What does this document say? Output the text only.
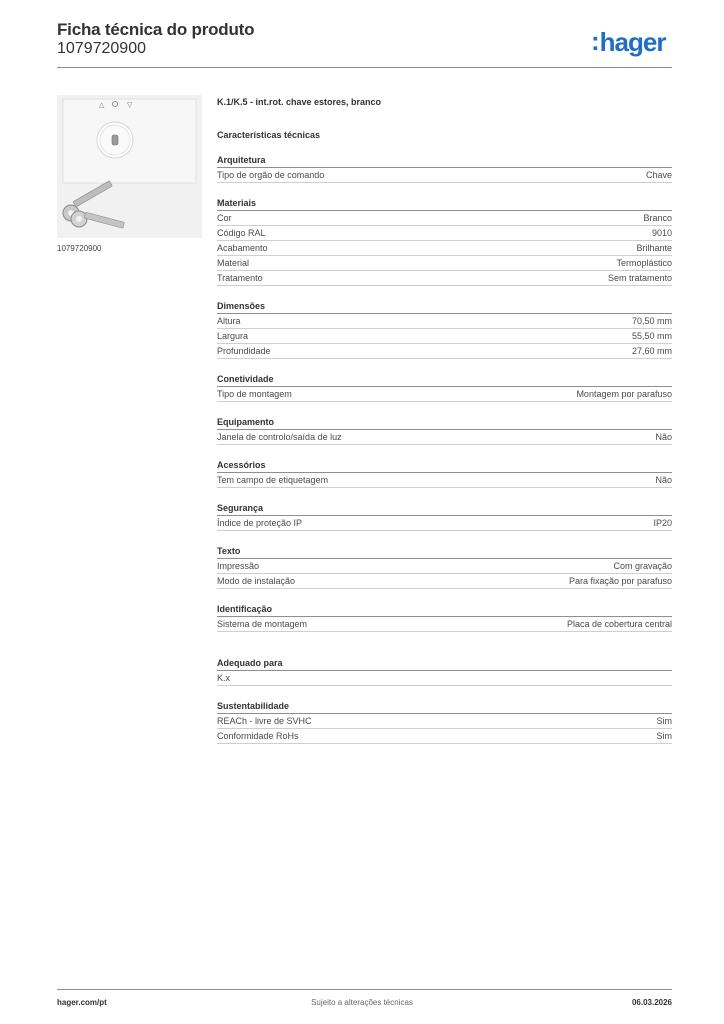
Ficha técnica do produto
1079720900	:hager
△	▽
1079720900
K.1/K.5 - int.rot. chave estores, branco
Características técnicas
Arquitetura
Tipo de orgão de comando	Chave
Materiais
Cor	Branco
Código RAL	9010
Acabamento	Brilhante
Material	Termoplástico
Tratamento	Sem tratamento
Dimensões
Altura	70,50 mm
Largura	55,50 mm
Profundidade	27,60 mm
Conetividade
Tipo de montagem	Montagem por parafuso
Equipamento
Janela de controlo/saída de luz	Não
Acessórios
Tem campo de etiquetagem	Não
Segurança
Índice de proteção IP	IP20
Texto
Impressão	Com gravação
Modo de instalação	Para fixação por parafuso
Identificação
Sistema de montagem	Placa de cobertura central
Adequado para
K.x
Sustentabilidade
REACh - livre de SVHC	Sim
Conformidade RoHs	Sim
hager.com/pt	Sujeito a alterações técnicas	06.03.2026
